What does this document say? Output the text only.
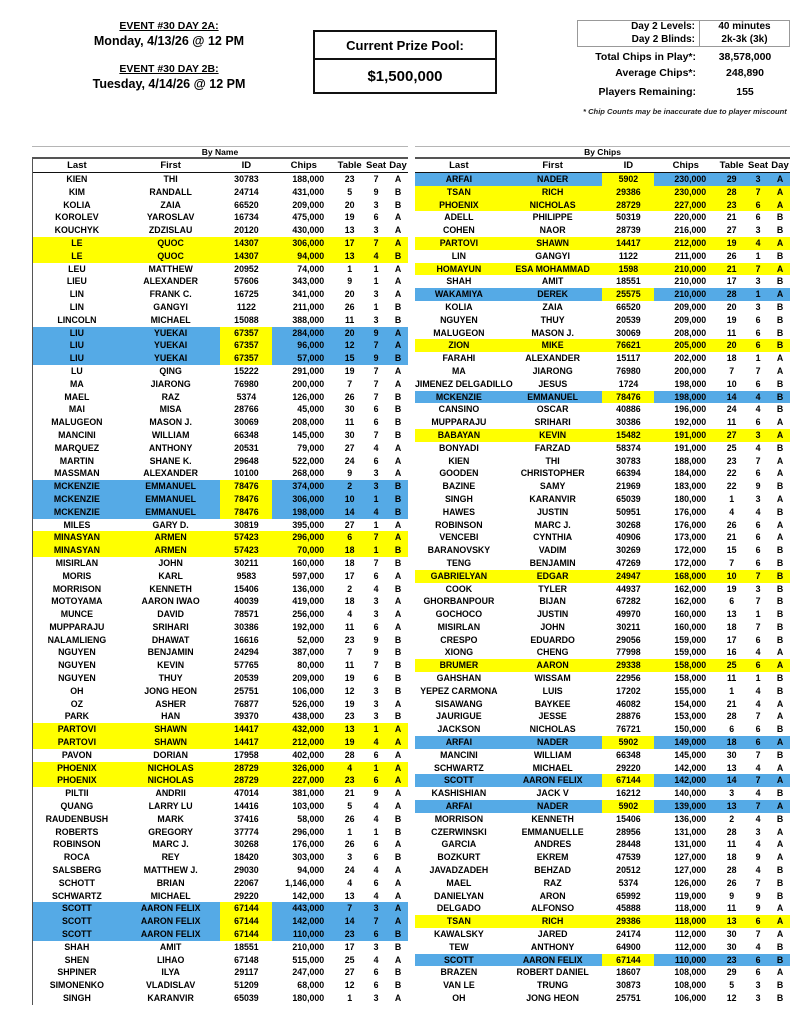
EVENT #30 DAY 2A:
Monday, 4/13/26 @ 12 PM
EVENT #30 DAY 2B:
Tuesday, 4/14/26 @ 12 PM
Current Prize Pool:
$1,500,000
Day 2 Levels:	40 minutes
Day 2 Blinds:	2k-3k (3k)
Total Chips in Play*:	38,578,000
Average Chips*:	248,890
Players Remaining:	155
* Chip Counts may be inaccurate due to player miscount
By Name
Last	First	ID	Chips	Table Seat Day
KIEN	THI	30783	188,000	23	7	A
KIM	RANDALL	24714	431,000	5	9	B
KOLIA	ZAIA	66520	209,000	20	3	B
KOROLEV	YAROSLAV	16734	475,000	19	6	A
KOUCHYK	ZDZISLAU	20120	430,000	13	3	A
LE	QUOC	14307	306,000	17	7	A
LE	QUOC	14307	94,000	13	4	B
LEU	MATTHEW	20952	74,000	1	1	A
LIEU	ALEXANDER	57606	343,000	9	1	A
LIN	FRANK C.	16725	341,000	20	3	A
LIN	GANGYI	1122	211,000	26	1	B
LINCOLN	MICHAEL	15088	388,000	11	3	B
LIU	YUEKAI	67357	284,000	20	9	A
LIU	YUEKAI	67357	96,000	12	7	A
LIU	YUEKAI	67357	57,000	15	9	B
LU	QING	15222	291,000	19	7	A
MA	JIARONG	76980	200,000	7	7	A
MAEL	RAZ	5374	126,000	26	7	B
MAI	MISA	28766	45,000	30	6	B
MALUGEON	MASON J.	30069	208,000	11	6	B
MANCINI	WILLIAM	66348	145,000	30	7	B
MARQUEZ	ANTHONY	20531	79,000	27	4	A
MARTIN	SHANE K.	29648	522,000	24	6	A
MASSMAN	ALEXANDER	10100	268,000	9	3	A
MCKENZIE	EMMANUEL	78476	374,000	2	3	B
MCKENZIE	EMMANUEL	78476	306,000	10	1	B
MCKENZIE	EMMANUEL	78476	198,000	14	4	B
MILES	GARY D.	30819	395,000	27	1	A
MINASYAN	ARMEN	57423	296,000	6	7	A
MINASYAN	ARMEN	57423	70,000	18	1	B
MISIRLAN	JOHN	30211	160,000	18	7	B
MORIS	KARL	9583	597,000	17	6	A
MORRISON	KENNETH	15406	136,000	2	4	B
MOTOYAMA	AARON IWAO	40039	419,000	18	3	A
MUNCE	DAVID	78571	256,000	4	3	A
MUPPARAJU	SRIHARI	30386	192,000	11	6	A
NALAMLIENG	DHAWAT	16616	52,000	23	9	B
NGUYEN	BENJAMIN	24294	387,000	7	9	B
NGUYEN	KEVIN	57765	80,000	11	7	B
NGUYEN	THUY	20539	209,000	19	6	B
OH	JONG HEON	25751	106,000	12	3	B
OZ	ASHER	76877	526,000	19	3	A
PARK	HAN	39370	438,000	23	3	B
PARTOVI	SHAWN	14417	432,000	13	1	A
PARTOVI	SHAWN	14417	212,000	19	4	A
PAVON	DORIAN	17958	402,000	28	6	A
PHOENIX	NICHOLAS	28729	326,000	4	1	A
PHOENIX	NICHOLAS	28729	227,000	23	6	A
PILTII	ANDRII	47014	381,000	21	9	A
QUANG	LARRY LU	14416	103,000	5	4	A
RAUDENBUSH	MARK	37416	58,000	26	4	B
ROBERTS	GREGORY	37774	296,000	1	1	B
ROBINSON	MARC J.	30268	176,000	26	6	A
ROCA	REY	18420	303,000	3	6	B
SALSBERG	MATTHEW J.	29030	94,000	24	4	A
SCHOTT	BRIAN	22067	1,146,000	4	6	A
SCHWARTZ	MICHAEL	29220	142,000	13	4	A
SCOTT	AARON FELIX	67144	443,000	7	3	A
SCOTT	AARON FELIX	67144	142,000	14	7	A
SCOTT	AARON FELIX	67144	110,000	23	6	B
SHAH	AMIT	18551	210,000	17	3	B
SHEN	LIHAO	67148	515,000	25	4	A
SHPINER	ILYA	29117	247,000	27	6	B
SIMONENKO	VLADISLAV	51209	68,000	12	6	B
SINGH	KARANVIR	65039	180,000	1	3	A
By Chips
Last	First	ID	Chips	Table Seat Day
ARFAI	NADER	5902	230,000	29	3	A
TSAN	RICH	29386	230,000	28	7	A
PHOENIX	NICHOLAS	28729	227,000	23	6	A
ADELL	PHILIPPE	50319	220,000	21	6	B
COHEN	NAOR	28739	216,000	27	3	B
PARTOVI	SHAWN	14417	212,000	19	4	A
LIN	GANGYI	1122	211,000	26	1	B
HOMAYUN	ESA MOHAMMAD	1598	210,000	21	7	A
SHAH	AMIT	18551	210,000	17	3	B
WAKAMIYA	DEREK	25575	210,000	28	1	A
KOLIA	ZAIA	66520	209,000	20	3	B
NGUYEN	THUY	20539	209,000	19	6	B
MALUGEON	MASON J.	30069	208,000	11	6	B
ZION	MIKE	76621	205,000	20	6	B
FARAHI	ALEXANDER	15117	202,000	18	1	A
MA	JIARONG	76980	200,000	7	7	A
JIMENEZ DELGADILLO	JESUS	1724	198,000	10	6	B
MCKENZIE	EMMANUEL	78476	198,000	14	4	B
CANSINO	OSCAR	40886	196,000	24	4	B
MUPPARAJU	SRIHARI	30386	192,000	11	6	A
BABAYAN	KEVIN	15482	191,000	27	3	A
BONYADI	FARZAD	58374	191,000	25	4	B
KIEN	THI	30783	188,000	23	7	A
GOODEN	CHRISTOPHER	66394	184,000	22	6	A
BAZINE	SAMY	21969	183,000	22	9	B
SINGH	KARANVIR	65039	180,000	1	3	A
HAWES	JUSTIN	50951	176,000	4	4	B
ROBINSON	MARC J.	30268	176,000	26	6	A
VENCEBI	CYNTHIA	40906	173,000	21	6	A
BARANOVSKY	VADIM	30269	172,000	15	6	B
TENG	BENJAMIN	47269	172,000	7	6	B
GABRIELYAN	EDGAR	24947	168,000	10	7	B
COOK	TYLER	44937	162,000	19	3	B
GHORBANPOUR	BIJAN	67282	162,000	6	7	B
GOCHOCO	JUSTIN	49970	160,000	13	1	B
MISIRLAN	JOHN	30211	160,000	18	7	B
CRESPO	EDUARDO	29056	159,000	17	6	B
XIONG	CHENG	77998	159,000	16	4	A
BRUMER	AARON	29338	158,000	25	6	A
GAHSHAN	WISSAM	22956	158,000	11	1	B
YEPEZ CARMONA	LUIS	17202	155,000	1	4	B
SISAWANG	BAYKEE	46082	154,000	21	4	A
JAURIGUE	JESSE	28876	153,000	28	7	A
JACKSON	NICHOLAS	76721	150,000	6	6	B
ARFAI	NADER	5902	149,000	18	6	A
MANCINI	WILLIAM	66348	145,000	30	7	B
SCHWARTZ	MICHAEL	29220	142,000	13	4	A
SCOTT	AARON FELIX	67144	142,000	14	7	A
KASHISHIAN	JACK V	16212	140,000	3	4	B
ARFAI	NADER	5902	139,000	13	7	A
MORRISON	KENNETH	15406	136,000	2	4	B
CZERWINSKI	EMMANUELLE	28956	131,000	28	3	A
GARCIA	ANDRES	28448	131,000	11	4	A
BOZKURT	EKREM	47539	127,000	18	9	A
JAVADZADEH	BEHZAD	20512	127,000	28	4	B
MAEL	RAZ	5374	126,000	26	7	B
DANIELYAN	ARON	65992	119,000	9	9	B
DELGADO	ALFONSO	45888	118,000	11	9	A
TSAN	RICH	29386	118,000	13	6	A
KAWALSKY	JARED	24174	112,000	30	7	A
TEW	ANTHONY	64900	112,000	30	4	B
SCOTT	AARON FELIX	67144	110,000	23	6	B
BRAZEN	ROBERT DANIEL	18607	108,000	29	6	A
VAN LE	TRUNG	30873	108,000	5	3	B
OH	JONG HEON	25751	106,000	12	3	B
